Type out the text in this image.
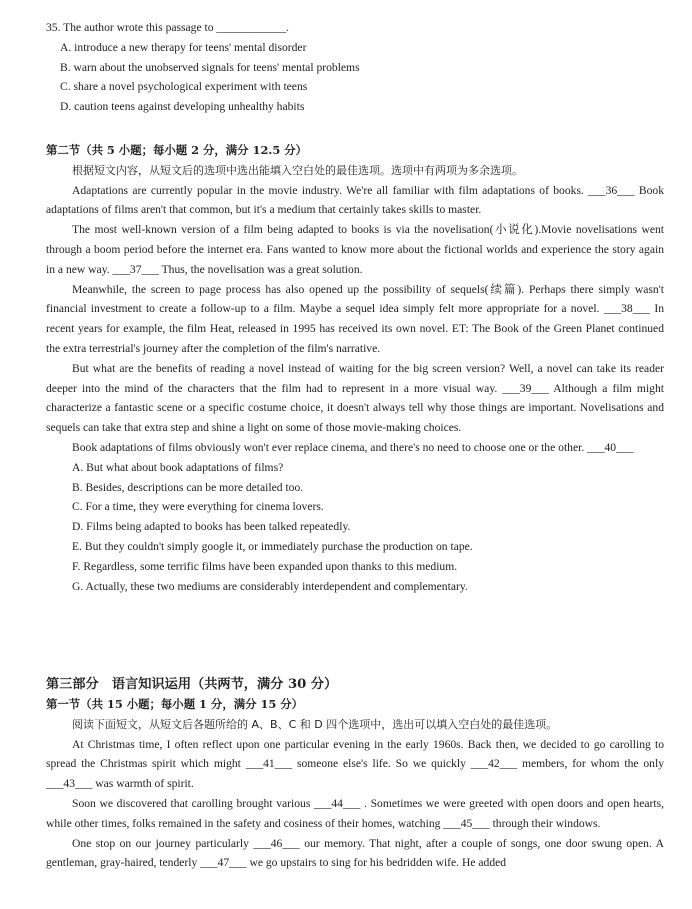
35. The author wrote this passage to ____________.

A. introduce a new therapy for teens' mental disorder

B. warn about the unobserved signals for teens' mental problems

C. share a novel psychological experiment with teens

D. caution teens against developing unhealthy habits

第二节（共 5 小题；每小题 2 分，满分 12.5 分）

根据短文内容，从短文后的选项中选出能填入空白处的最佳选项。选项中有两项为多余选项。

Adaptations are currently popular in the movie industry. We're all familiar with film adaptations of books. ___36___ Book adaptations of films aren't that common, but it's a medium that certainly takes skills to master.

The most well-known version of a film being adapted to books is via the novelisation(小说化).Movie novelisations went through a boom period before the internet era. Fans wanted to know more about the fictional worlds and experience the story again in a new way. ___37___ Thus, the novelisation was a great solution.

Meanwhile, the screen to page process has also opened up the possibility of sequels(续篇). Perhaps there simply wasn't financial investment to create a follow-up to a film. Maybe a sequel idea simply felt more appropriate for a novel. ___38___ In recent years for example, the film Heat, released in 1995 has received its own novel. ET: The Book of the Green Planet continued the extra terrestrial's journey after the completion of the film's narrative.

But what are the benefits of reading a novel instead of waiting for the big screen version? Well, a novel can take its reader deeper into the mind of the characters that the film had to represent in a more visual way. ___39___ Although a film might characterize a fantastic scene or a specific costume choice, it doesn't always tell why those things are important. Novelisations and sequels can take that extra step and shine a light on some of those movie-making choices.

Book adaptations of films obviously won't ever replace cinema, and there's no need to choose one or the other. ___40___

A. But what about book adaptations of films?

B. Besides, descriptions can be more detailed too.

C. For a time, they were everything for cinema lovers.

D. Films being adapted to books has been talked repeatedly.

E. But they couldn't simply google it, or immediately purchase the production on tape.

F. Regardless, some terrific films have been expanded upon thanks to this medium.

G. Actually, these two mediums are considerably interdependent and complementary.

第三部分　语言知识运用（共两节，满分 30 分）

第一节（共 15 小题；每小题 1 分，满分 15 分）

阅读下面短文，从短文后各题所给的 A、B、C 和 D 四个选项中，选出可以填入空白处的最佳选项。

At Christmas time, I often reflect upon one particular evening in the early 1960s. Back then, we decided to go carolling to spread the Christmas spirit which might ___41___ someone else's life. So we quickly ___42___ members, for whom the only ___43___ was warmth of spirit.

Soon we discovered that carolling brought various ___44___ . Sometimes we were greeted with open doors and open hearts, while other times, folks remained in the safety and cosiness of their homes, watching ___45___ through their windows.

One stop on our journey particularly ___46___ our memory. That night, after a couple of songs, one door swung open. A gentleman, gray-haired, tenderly ___47___ we go upstairs to sing for his bedridden wife. He added
